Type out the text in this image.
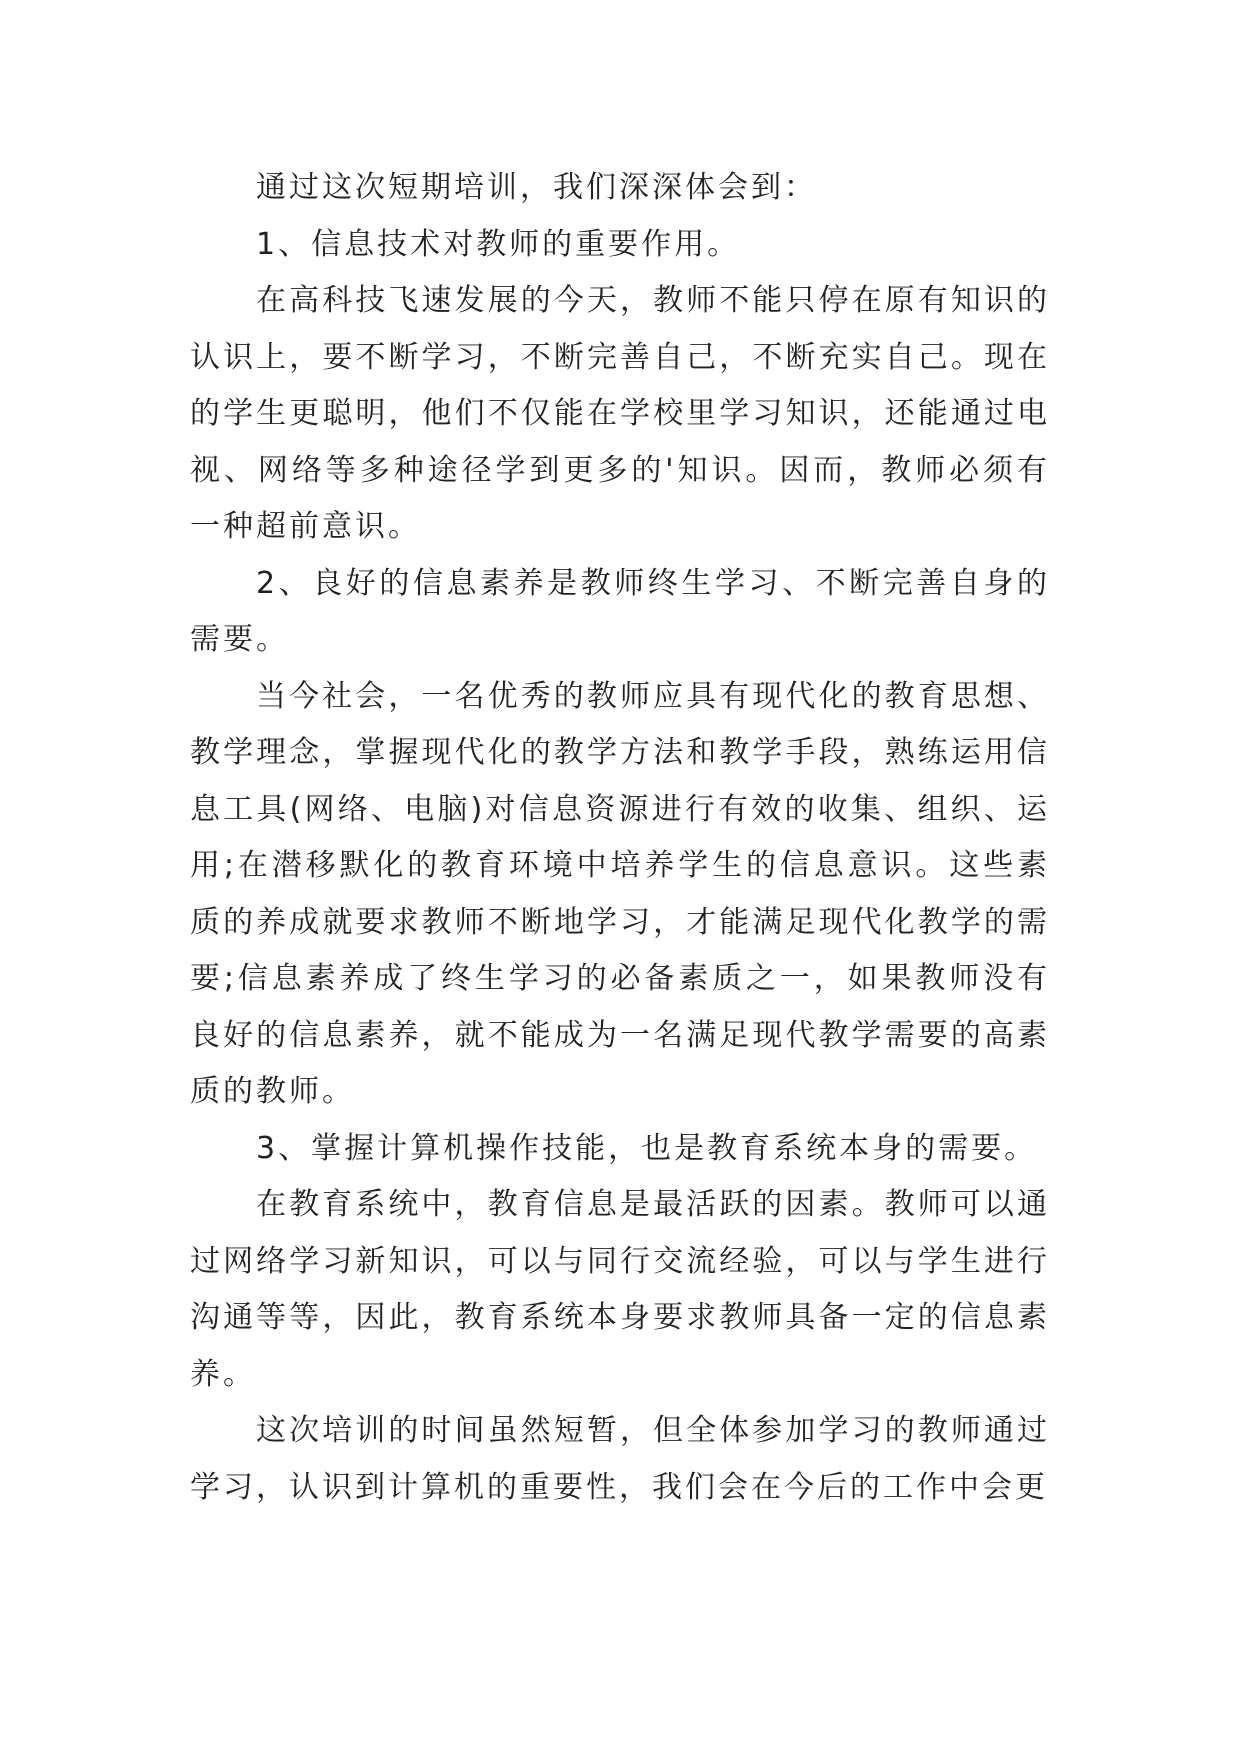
通过这次短期培训，我们深深体会到：

1、信息技术对教师的重要作用。

在高科技飞速发展的今天，教师不能只停在原有知识的认识上，要不断学习，不断完善自己，不断充实自己。现在的学生更聪明，他们不仅能在学校里学习知识，还能通过电视、网络等多种途径学到更多的'知识。因而，教师必须有一种超前意识。

2、良好的信息素养是教师终生学习、不断完善自身的需要。

当今社会，一名优秀的教师应具有现代化的教育思想、教学理念，掌握现代化的教学方法和教学手段，熟练运用信息工具(网络、电脑)对信息资源进行有效的收集、组织、运用;在潜移默化的教育环境中培养学生的信息意识。这些素质的养成就要求教师不断地学习，才能满足现代化教学的需要;信息素养成了终生学习的必备素质之一，如果教师没有良好的信息素养，就不能成为一名满足现代教学需要的高素质的教师。

3、掌握计算机操作技能，也是教育系统本身的需要。

在教育系统中，教育信息是最活跃的因素。教师可以通过网络学习新知识，可以与同行交流经验，可以与学生进行沟通等等，因此，教育系统本身要求教师具备一定的信息素养。

这次培训的时间虽然短暂，但全体参加学习的教师通过学习，认识到计算机的重要性，我们会在今后的工作中会更
